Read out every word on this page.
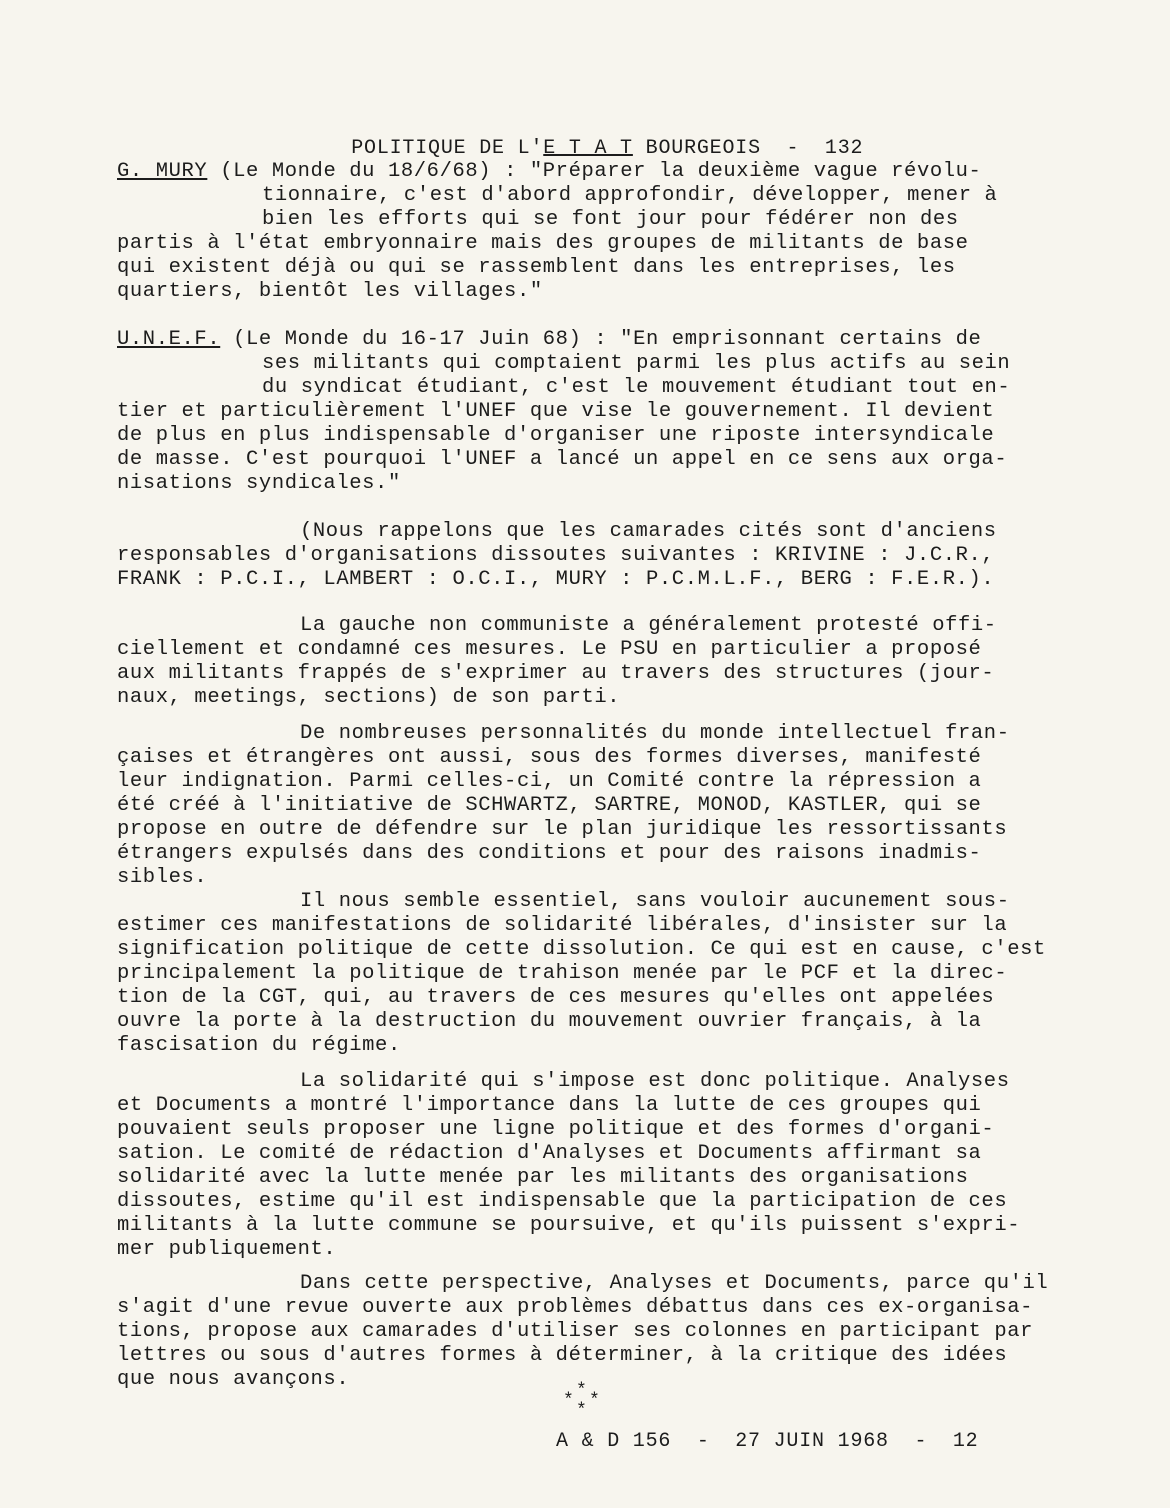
POLITIQUE DE L'E T A T BOURGEOIS  -  132

G. MURY (Le Monde du 18/6/68) : "Préparer la deuxième vague révolu-
tionnaire, c'est d'abord approfondir, développer, mener à
bien les efforts qui se font jour pour fédérer non des
partis à l'état embryonnaire mais des groupes de militants de base
qui existent déjà ou qui se rassemblent dans les entreprises, les
quartiers, bientôt les villages."
U.N.E.F. (Le Monde du 16-17 Juin 68) : "En emprisonnant certains de
ses militants qui comptaient parmi les plus actifs au sein
du syndicat étudiant, c'est le mouvement étudiant tout en-
tier et particulièrement l'UNEF que vise le gouvernement. Il devient
de plus en plus indispensable d'organiser une riposte intersyndicale
de masse. C'est pourquoi l'UNEF a lancé un appel en ce sens aux orga-
nisations syndicales."
(Nous rappelons que les camarades cités sont d'anciens
responsables d'organisations dissoutes suivantes : KRIVINE : J.C.R.,
FRANK : P.C.I., LAMBERT : O.C.I., MURY : P.C.M.L.F., BERG : F.E.R.).
La gauche non communiste a généralement protesté offi-
ciellement et condamné ces mesures. Le PSU en particulier a proposé
aux militants frappés de s'exprimer au travers des structures (jour-
naux, meetings, sections) de son parti.
De nombreuses personnalités du monde intellectuel fran-
çaises et étrangères ont aussi, sous des formes diverses, manifesté
leur indignation. Parmi celles-ci, un Comité contre la répression a
été créé à l'initiative de SCHWARTZ, SARTRE, MONOD, KASTLER, qui se
propose en outre de défendre sur le plan juridique les ressortissants
étrangers expulsés dans des conditions et pour des raisons inadmis-
sibles.
Il nous semble essentiel, sans vouloir aucunement sous-
estimer ces manifestations de solidarité libérales, d'insister sur la
signification politique de cette dissolution. Ce qui est en cause, c'est
principalement la politique de trahison menée par le PCF et la direc-
tion de la CGT, qui, au travers de ces mesures qu'elles ont appelées
ouvre la porte à la destruction du mouvement ouvrier français, à la
fascisation du régime.
La solidarité qui s'impose est donc politique. Analyses
et Documents a montré l'importance dans la lutte de ces groupes qui
pouvaient seuls proposer une ligne politique et des formes d'organi-
sation. Le comité de rédaction d'Analyses et Documents affirmant sa
solidarité avec la lutte menée par les militants des organisations
dissoutes, estime qu'il est indispensable que la participation de ces
militants à la lutte commune se poursuive, et qu'ils puissent s'expri-
mer publiquement.
Dans cette perspective, Analyses et Documents, parce qu'il
s'agit d'une revue ouverte aux problèmes débattus dans ces ex-organisa-
tions, propose aux camarades d'utiliser ses colonnes en participant par
lettres ou sous d'autres formes à déterminer, à la critique des idées
que nous avançons.	*
* *
*
A & D 156  -  27 JUIN 1968  -  12
